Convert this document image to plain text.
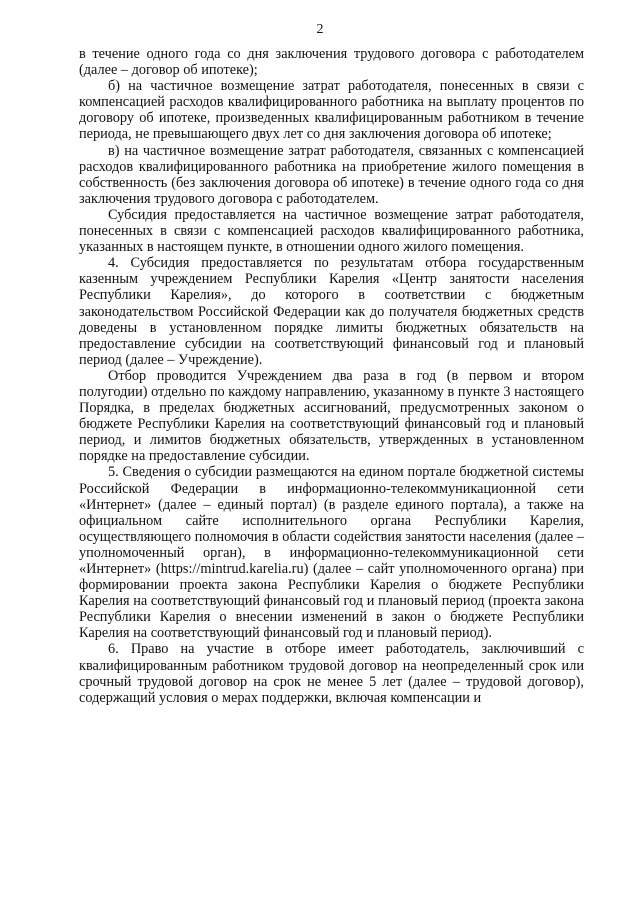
2

в течение одного года со дня заключения трудового договора с работодателем (далее – договор об ипотеке);

б) на частичное возмещение затрат работодателя, понесенных в связи с компенсацией расходов квалифицированного работника на выплату процентов по договору об ипотеке, произведенных квалифицированным работником в течение периода, не превышающего двух лет со дня заключения договора об ипотеке;

в) на частичное возмещение затрат работодателя, связанных с компенсацией расходов квалифицированного работника на приобретение жилого помещения в собственность (без заключения договора об ипотеке) в течение одного года со дня заключения трудового договора с работодателем.

Субсидия предоставляется на частичное возмещение затрат работодателя, понесенных в связи с компенсацией расходов квалифицированного работника, указанных в настоящем пункте, в отношении одного жилого помещения.

4. Субсидия предоставляется по результатам отбора государственным казенным учреждением Республики Карелия «Центр занятости населения Республики Карелия», до которого в соответствии с бюджетным законодательством Российской Федерации как до получателя бюджетных средств доведены в установленном порядке лимиты бюджетных обязательств на предоставление субсидии на соответствующий финансовый год и плановый период (далее – Учреждение).

Отбор проводится Учреждением два раза в год (в первом и втором полугодии) отдельно по каждому направлению, указанному в пункте 3 настоящего Порядка, в пределах бюджетных ассигнований, предусмотренных законом о бюджете Республики Карелия на соответствующий финансовый год и плановый период, и лимитов бюджетных обязательств, утвержденных в установленном порядке на предоставление субсидии.

5. Сведения о субсидии размещаются на едином портале бюджетной системы Российской Федерации в информационно-телекоммуникационной сети «Интернет» (далее – единый портал) (в разделе единого портала), а также на официальном сайте исполнительного органа Республики Карелия, осуществляющего полномочия в области содействия занятости населения (далее – уполномоченный орган), в информационно-телекоммуникационной сети «Интернет» (https://mintrud.karelia.ru) (далее – сайт уполномоченного органа) при формировании проекта закона Республики Карелия о бюджете Республики Карелия на соответствующий финансовый год и плановый период (проекта закона Республики Карелия о внесении изменений в закон о бюджете Республики Карелия на соответствующий финансовый год и плановый период).

6. Право на участие в отборе имеет работодатель, заключивший с квалифицированным работником трудовой договор на неопределенный срок или срочный трудовой договор на срок не менее 5 лет (далее – трудовой договор), содержащий условия о мерах поддержки, включая компенсации и
